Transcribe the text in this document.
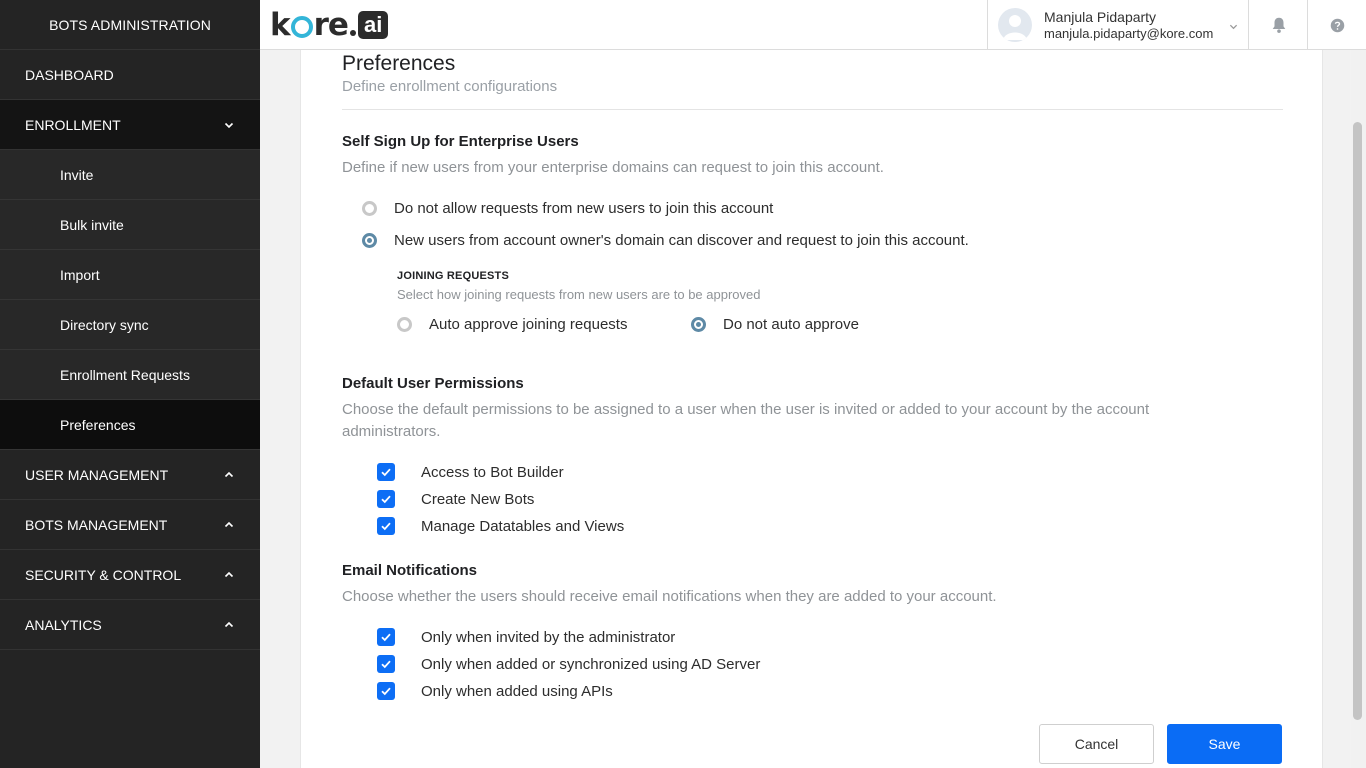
BOTS ADMINISTRATION
DASHBOARD
ENROLLMENT
Invite
Bulk invite
Import
Directory sync
Enrollment Requests
Preferences
USER MANAGEMENT
BOTS MANAGEMENT
SECURITY & CONTROL
ANALYTICS
k re ai	Manjula Pidaparty
manjula.pidaparty@kore.com
Preferences
Define enrollment configurations
Self Sign Up for Enterprise Users
Define if new users from your enterprise domains can request to join this account.
Do not allow requests from new users to join this account
New users from account owner's domain can discover and request to join this account.
JOINING REQUESTS
Select how joining requests from new users are to be approved
Auto approve joining requests	Do not auto approve
Default User Permissions
Choose the default permissions to be assigned to a user when the user is invited or added to your account by the account administrators.
Access to Bot Builder
Create New Bots
Manage Datatables and Views
Email Notifications
Choose whether the users should receive email notifications when they are added to your account.
Only when invited by the administrator
Only when added or synchronized using AD Server
Only when added using APIs
Cancel	Save
